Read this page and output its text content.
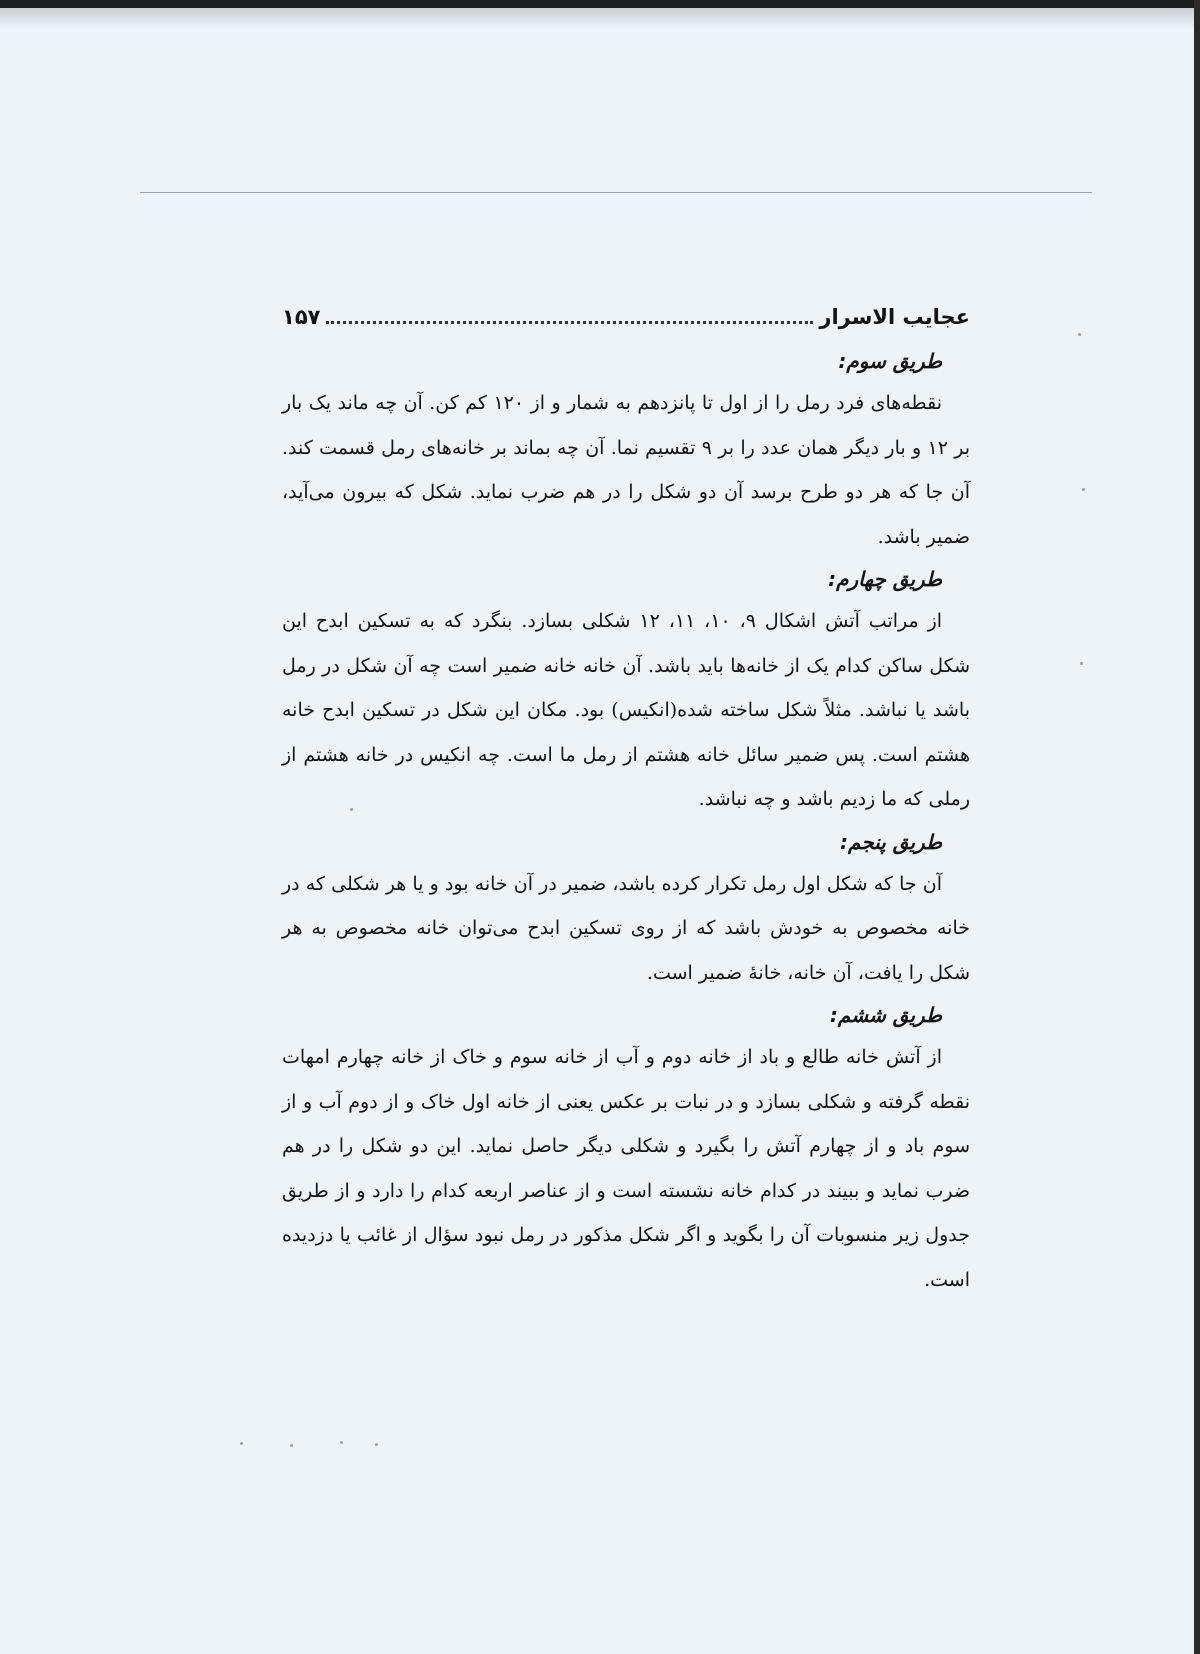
عجایب الاسرار
۱۵۷
طریق سوم:

نقطه‌های فرد رمل را از اول تا پانزدهم به شمار و از ۱۲۰ کم کن. آن چه ماند یک بار بر ۱۲ و بار دیگر همان عدد را بر ۹ تقسیم نما. آن چه بماند بر خانه‌های رمل قسمت کند. آن جا که هر دو طرح برسد آن دو شکل را در هم ضرب نماید. شکل که بیرون می‌آید، ضمیر باشد.

طریق چهارم:

از مراتب آتش اشکال ۹، ۱۰، ۱۱، ۱۲ شکلی بسازد. بنگرد که به تسکین ابدح این شکل ساکن کدام یک از خانه‌ها باید باشد. آن خانه خانه ضمیر است چه آن شکل در رمل باشد یا نباشد. مثلاً شکل ساخته شده(انکیس) بود. مکان این شکل در تسکین ابدح خانه هشتم است. پس ضمیر سائل خانه هشتم از رمل ما است. چه انکیس در خانه هشتم از رملی که ما زدیم باشد و چه نباشد.

طریق پنجم:

آن جا که شکل اول رمل تکرار کرده باشد، ضمیر در آن خانه بود و یا هر شکلی که در خانه مخصوص به خودش باشد که از روی تسکین ابدح می‌توان خانه مخصوص به هر شکل را یافت، آن خانه، خانهٔ ضمیر است.

طریق ششم:

از آتش خانه طالع و باد از خانه دوم و آب از خانه سوم و خاک از خانه چهارم امهات نقطه گرفته و شکلی بسازد و در نبات بر عکس یعنی از خانه اول خاک و از دوم آب و از سوم باد و از چهارم آتش را بگیرد و شکلی دیگر حاصل نماید. این دو شکل را در هم ضرب نماید و ببیند در کدام خانه نشسته است و از عناصر اربعه کدام را دارد و از طریق جدول زیر منسوبات آن را بگوید و اگر شکل مذکور در رمل نبود سؤال از غائب یا دزدیده است.
